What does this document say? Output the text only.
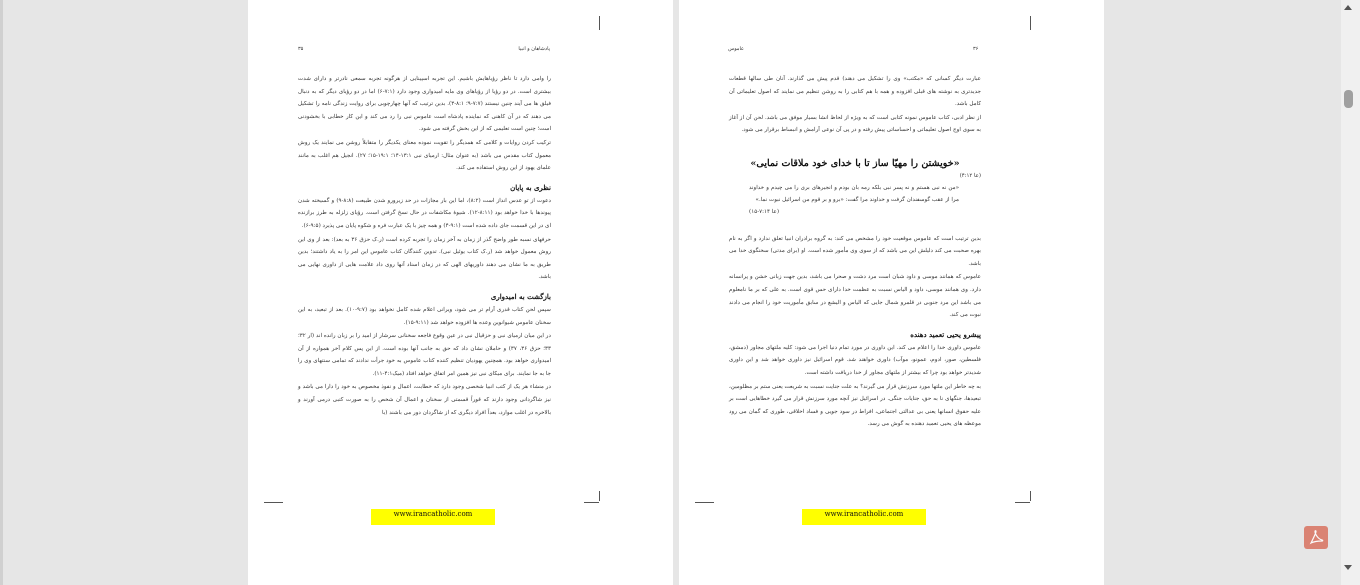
پادشاهان و انبیا
۳۵

را وامی دارد تا ناظر رؤیاهایش باشیم. این تجربه اسپینایی از هرگونه تجربه سمعی نادرتر و دارای شدت بیشتری است. در دو رؤیا از رؤیاهای وی مایه امیدواری وجود دارد (۷:۱-۶) اما در دو رؤیای دیگر که به دنبال فیلق ها می آیند چنین نیستند (۷:۷-۹؛ ۸:۱-۳). بدین ترتیب که آنها چهارچوبی برای روایت زندگی نامه را تشکیل می دهند که در آن کاهنی که نماینده پادشاه است عاموس نبی را رد می کند و این کار خطابی با بخشودنی است؛ چنین است تعلیمی که از این بخش گرفته می شود.

ترکیب کردن روایات و کلامی که همدیگر را تقویت نموده معنای یکدیگر را متقابلاً روشن می نمایند یک روش معمول کتاب مقدس می باشد (به عنوان مثال: ارمیای نبی ۱۳:۱-۱۴؛ ۱۹:۱-۱۵؛ ۲۷). انجیل هم اغلب به مانند علمای یهود از این روش استفاده می کند.

نظری به پایان

دعوت از تو عدس انداز است (۸:۲)، اما این بار مجازات در حد زیرورو شدن طبیعت (۸:۸-۹) و گسیخته شدن پیوندها با خدا خواهد بود (۸:۱۱-۱۲). شیوهٔ مکاشفات در حال نسخ گرفتن است. رؤیای زلزله به طرز برازنده ای در این قسمت جای داده شده است (۹:۱-۴) و همه چیز با یک عبارت فره و شکوه پایان می پذیرد (۹:۵-۶).

حرفهای نسبه طور واضح گذر از زمان به آخر زمان را تجربه کرده است (ر.ک حزق ۳۶ به بعد): بعد از وی این روش معمول خواهد شد (ر.ک کتاب یوئیل نبی). تدوین کنندگان کتاب عاموس این امر را به یاد داشتند؛ بدین طریق به ما نشان می دهند داوریهای الهی که در زمان اسناد آنها روی داد علامت هایی از داوری نهایی می باشد.

بازگشت به امیدواری

سپس لحن کتاب قدری آرام تر می شود، ویرانی اعلام شده کامل نخواهد بود (۹:۷-۱۰). بعد از تبعید، به این سخنان عاموس شیوانوین وعده ها افزوده خواهد شد (۹:۱۱-۱۵).

در این میان ارمیای نبی و حزقیال نبی در عین وقوع فاجعه سخنانی سرشار از امید را بر زبان رانده اند (ار ۳۲؛ ۳۳؛ حزق ۳۶، ۳۷) و حاملان نشان داد که حق به جانب آنها بوده است. از این پس کلام آخر همواره از آن امیدواری خواهد بود. همچنین یهودیان تنظیم کننده کتاب عاموس به خود جرأت ندادند که تمامی سنتهای وی را جا به جا نمایند. برای میکای نبی نیز همین امر اتفاق خواهد افتاد (میک۴:۱-۱۱).

در منشاء هر یک از کتب انبیا شخصی وجود دارد که خطابت، اعمال و نفوذ مخصوص به خود را دارا می باشد و نیز شاگردانی وجود دارند که قوراً قسمتی از سخنان و اعمال آن شخص را به صورت کتبی درمی آورند و بالاخره در اغلب موارد، بعداً افراد دیگری که از شاگردان دور می باشند (با

www.irancatholic.com
عاموس	۳۶

عبارت دیگر کسانی که «مکتب» وی را تشکیل می دهند) قدم پیش می گذارند. آنان طی سالها قطعات جدیدتری به نوشته های قبلی افزوده و همه با هم کتابی را به روشن تنظیم می نمایند که اصول تعلیماتی آن کامل باشد.

از نظر ادبی، کتاب عاموس نمونه کتابی است که به ویژه از لحاظ انشا بسیار موفق می باشد. لحن آن از آغاز به سوی اوج اصول تعلیماتی و احساساتی پیش رفته و در پی آن نوعی آرامش و انبساط برقرار می شود.

«خویشتن را مهیّا ساز تا با خدای خود ملاقات نمایی»
(عا ۴:۱۲)
«من نه نبی هستم و نه پسر نبی بلکه رمه بان بودم و انجیرهای بری را می چیدم و خداوند مرا از عقب گوسفندان گرفت و خداوند مرا گفت: «برو و بر قوم من اسرائیل نبوت نما.»
(عا ۷:۱۴-۱۵)

بدین ترتیب است که عاموس موقعیت خود را مشخص می کند: به گروه برادران انبیا تعلق ندارد و اگر به نام بهره صحبت می کند دلیلش این می باشد که از سوی وی مأمور شده است. او (برای مدتی) سخنگوی خدا می باشد.

عاموس که همانند موسی و داود شبان است مرد دشت و صحرا می باشد، بدین جهت زبانی خشن و پرانسانه دارد. وی همانند موسی، داود و الیاس نسبت به عظمت خدا دارای حس قوی است. به علی که بر ما نامعلوم می باشد این مرد جنوبی در قلمرو شمال جایی که الیاس و الیشع در سابق مأموریت خود را انجام می دادند نبوت می کند.

پیشرو یحیی تعمید دهنده

عاموس داوری خدا را اعلام می کند. این داوری در مورد تمام دنیا اجرا می شود: کلیه ملتهای مجاور (دمشق، فلسطین، صور، ادوم، عمونو، موآب) داوری خواهند شد. قوم اسرائیل نیز داوری خواهد شد و این داوری شدیدتر خواهد بود چرا که بیشتر از ملتهای مجاور از خدا دریافت داشته است.

به چه خاطر این ملتها مورد سرزنش قرار می گیرند؟ به علت جنایت نسبت به شریعت یعنی ستم بر مظلومین، تبعیدها، جنگهای نا به حق، جنایات جنگی. در اسرائیل نیز آنچه مورد سرزنش قرار می گیرد خطاهایی است بر علیه حقوق انسانها یعنی بی عدالتی اجتماعی، افراط در سود جویی و فساد اخلاقی، طوری که گمان می رود موعظه های یحیی تعمید دهنده به گوش می رسد.

www.irancatholic.com
